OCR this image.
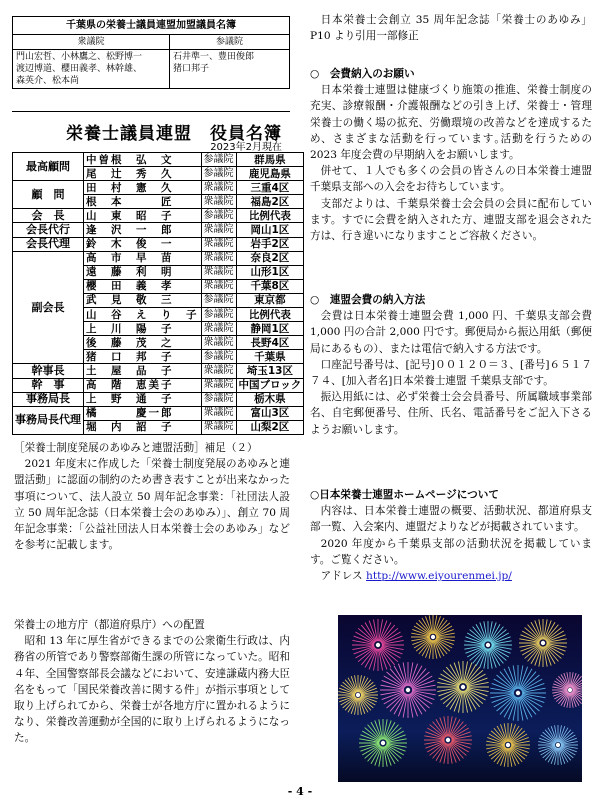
千葉県の栄養士議員連盟加盟議員名簿	
衆議院	参議院

門山宏哲、小林鷹之、松野博一
渡辺博道、櫻田義孝、林幹雄、
森英介、松本尚	石井準一、豊田俊郎
猪口邦子
栄養士議員連盟　役員名簿
2023年2月現在
最高顧問	中曽根　弘　文	参議院	群馬県
	尾　辻　秀　久	参議院	鹿児島県
顧　問	田　村　憲　久	衆議院	三重4区
	根　本　　　匠	衆議院	福島2区
会　長	山　東　昭　子	参議院	比例代表
会長代行	逢　沢　一　郎	衆議院	岡山1区
会長代理	鈴　木　俊　一	衆議院	岩手2区
副会長	高　市　早　苗	衆議院	奈良2区
	遠　藤　利　明	衆議院	山形1区
	櫻　田　義　孝	衆議院	千葉8区
	武　見　敬　三	参議院	東京都
	山　谷　え　り　子	参議院	比例代表
	上　川　陽　子	衆議院	静岡1区
	後　藤　茂　之	衆議院	長野4区
	猪　口　邦　子	参議院	千葉県
幹事長	土　屋　品　子	衆議院	埼玉13区
幹　事	高　階　恵美子	衆議院	中国ブロック
事務局長	上　野　通　子	参議院	栃木県
事務局長代理	橘　　　慶一郎	衆議院	富山3区
	堀　内　詔　子	衆議院	山梨2区
［栄養士制度発展のあゆみと連盟活動］補足（２）
2021 年度末に作成した「栄養士制度発展のあゆみと連盟活動」に認面の制約のため書き表すことが出来なかった事項について、法人設立 50 周年記念事業：「社団法人設立 50 周年記念誌（日本栄養士会のあゆみ）」、創立 70 周年記念事業：「公益社団法人日本栄養士会のあゆみ」などを参考に記載します。
栄養士の地方庁（都道府県庁）への配置
昭和 13 年に厚生省ができるまでの公衆衛生行政は、内務省の所管であり警察部衛生課の所管になっていた。昭和４年、全国警察部長会議などにおいて、安達謙蔵内務大臣名をもって「国民栄養改善に関する件」が指示事項として取り上げられてから、栄養士が各地方庁に置かれるようになり、栄養改善運動が全国的に取り上げられるようになった。
日本栄養士会創立 35 周年記念誌「栄養士のあゆみ」P10 より引用一部修正
○　会費納入のお願い
日本栄養士連盟は健康づくり施策の推進、栄養士制度の充実、診療報酬・介護報酬などの引き上げ、栄養士・管理栄養士の働く場の拡充、労働環境の改善などを達成するため、さまざまな活動を行っています｡活動を行うための 2023 年度会費の早期納入をお願いします。
併せて、１人でも多くの会員の皆さんの日本栄養士連盟千葉県支部への入会をお待ちしています。
支部だよりは、千葉県栄養士会会員の会員に配布しています。すでに会費を納入された方、連盟支部を退会された方は、行き違いになりますことご容赦ください。
○　連盟会費の納入方法
会費は日本栄養士連盟会費 1,000 円、千葉県支部会費 1,000 円の合計 2,000 円です。郵便局から振込用紙（郵便局にあるもの）、または電信で納入する方法です。
口座記号番号は、[記号]００１２０＝３、[番号]６５１７７４、[加入者名]日本栄養士連盟 千葉県支部です。
振込用紙には、必ず栄養士会会員番号、所属職域事業部名、自宅郵便番号、住所、氏名、電話番号をご記入下さるようお願いします。
○日本栄養士連盟ホームページについて
内容は、日本栄養士連盟の概要、活動状況、都道府県支部一覧、入会案内、連盟だよりなどが掲載されています。
2020 年度から千葉県支部の活動状況を掲載しています。ご覧ください。
アドレス http://www.eiyourenmei.jp/
- 4 -
